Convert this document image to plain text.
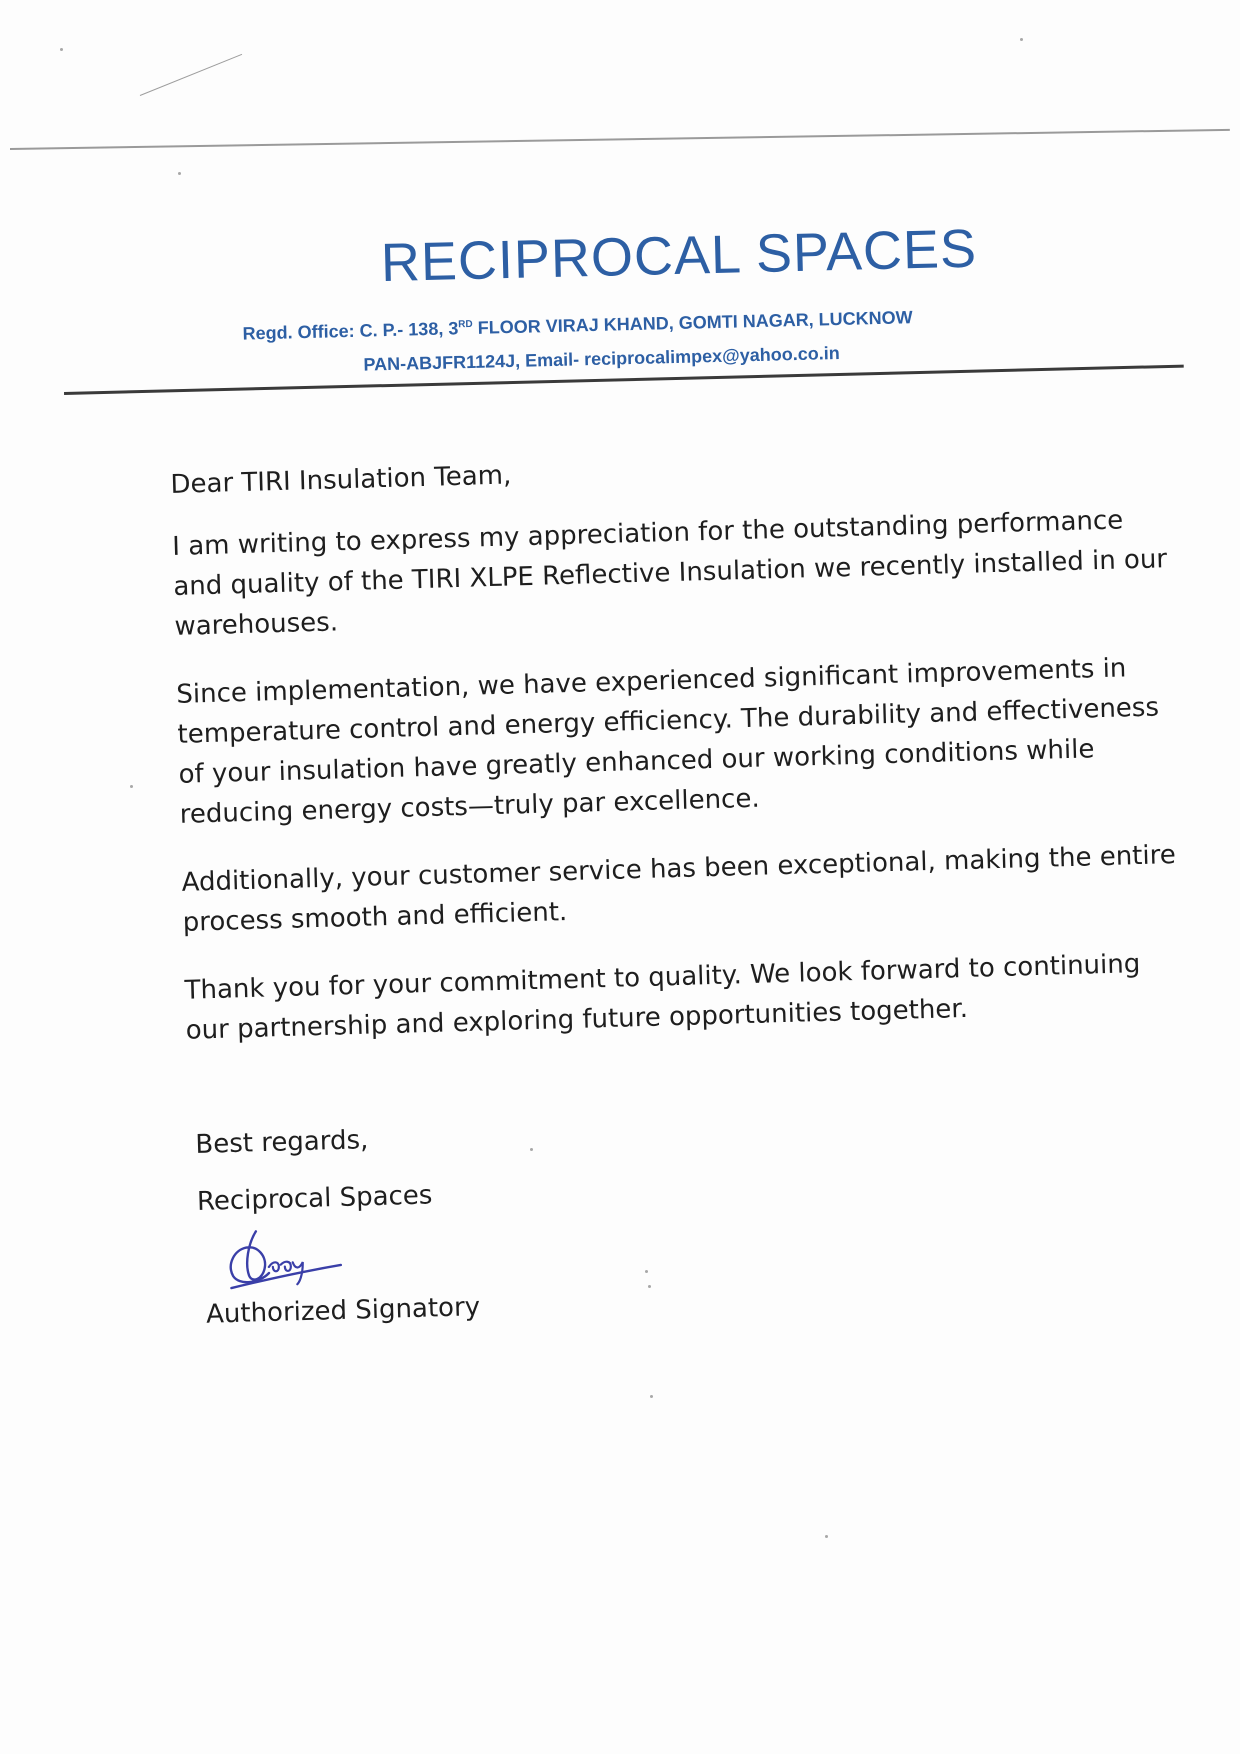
RECIPROCAL SPACES

Regd. Office: C. P.- 138, 3RD FLOOR VIRAJ KHAND, GOMTI NAGAR, LUCKNOW

PAN-ABJFR1124J, Email- reciprocalimpex@yahoo.co.in

Dear TIRI Insulation Team,

I am writing to express my appreciation for the outstanding performance and quality of the TIRI XLPE Reflective Insulation we recently installed in our warehouses.

Since implementation, we have experienced significant improvements in temperature control and energy efficiency. The durability and effectiveness of your insulation have greatly enhanced our working conditions while reducing energy costs—truly par excellence.

Additionally, your customer service has been exceptional, making the entire process smooth and efficient.

Thank you for your commitment to quality. We look forward to continuing our partnership and exploring future opportunities together.

Best regards,

Reciprocal Spaces

Authorized Signatory
